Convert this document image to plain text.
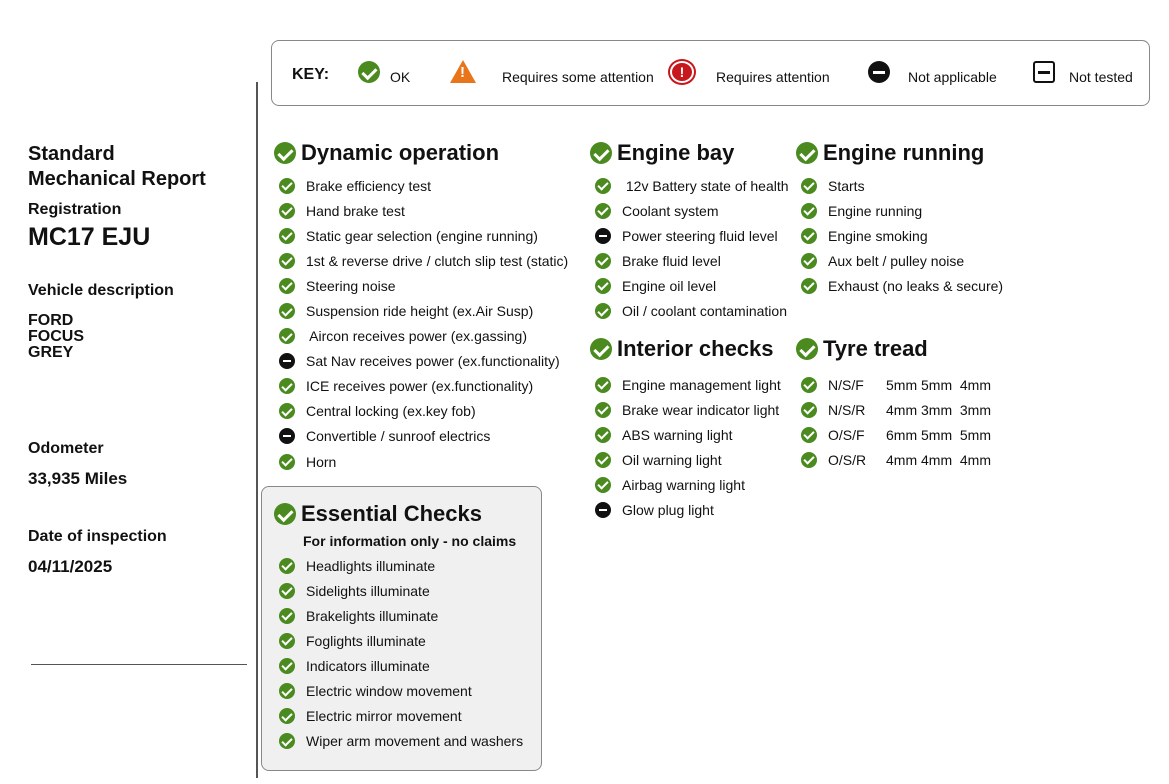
Standard
Mechanical Report
Registration
MC17 EJU
Vehicle description
FORD
FOCUS
GREY
Odometer
33,935 Miles
Date of inspection
04/11/2025
KEY:	OK
!	Requires some attention	!	Requires attention	Not applicable	Not tested
Dynamic operation
Brake efficiency test
Hand brake test
Static gear selection (engine running)
1st & reverse drive / clutch slip test (static)
Steering noise
Suspension ride height (ex.Air Susp)
Aircon receives power (ex.gassing)
Sat Nav receives power (ex.functionality)
ICE receives power (ex.functionality)
Central locking (ex.key fob)
Convertible / sunroof electrics
Horn
Engine bay
12v Battery state of health
Coolant system
Power steering fluid level
Brake fluid level
Engine oil level
Oil / coolant contamination
Engine running
Starts
Engine running
Engine smoking
Aux belt / pulley noise
Exhaust (no leaks & secure)
Interior checks
Engine management light
Brake wear indicator light
ABS warning light
Oil warning light
Airbag warning light
Glow plug light
Tyre tread
N/S/F	5mm 5mm  4mm
N/S/R	4mm 3mm  3mm
O/S/F	6mm 5mm  5mm
O/S/R	4mm 4mm  4mm
Essential Checks
For information only - no claims
Headlights illuminate
Sidelights illuminate
Brakelights illuminate
Foglights illuminate
Indicators illuminate
Electric window movement
Electric mirror movement
Wiper arm movement and washers
